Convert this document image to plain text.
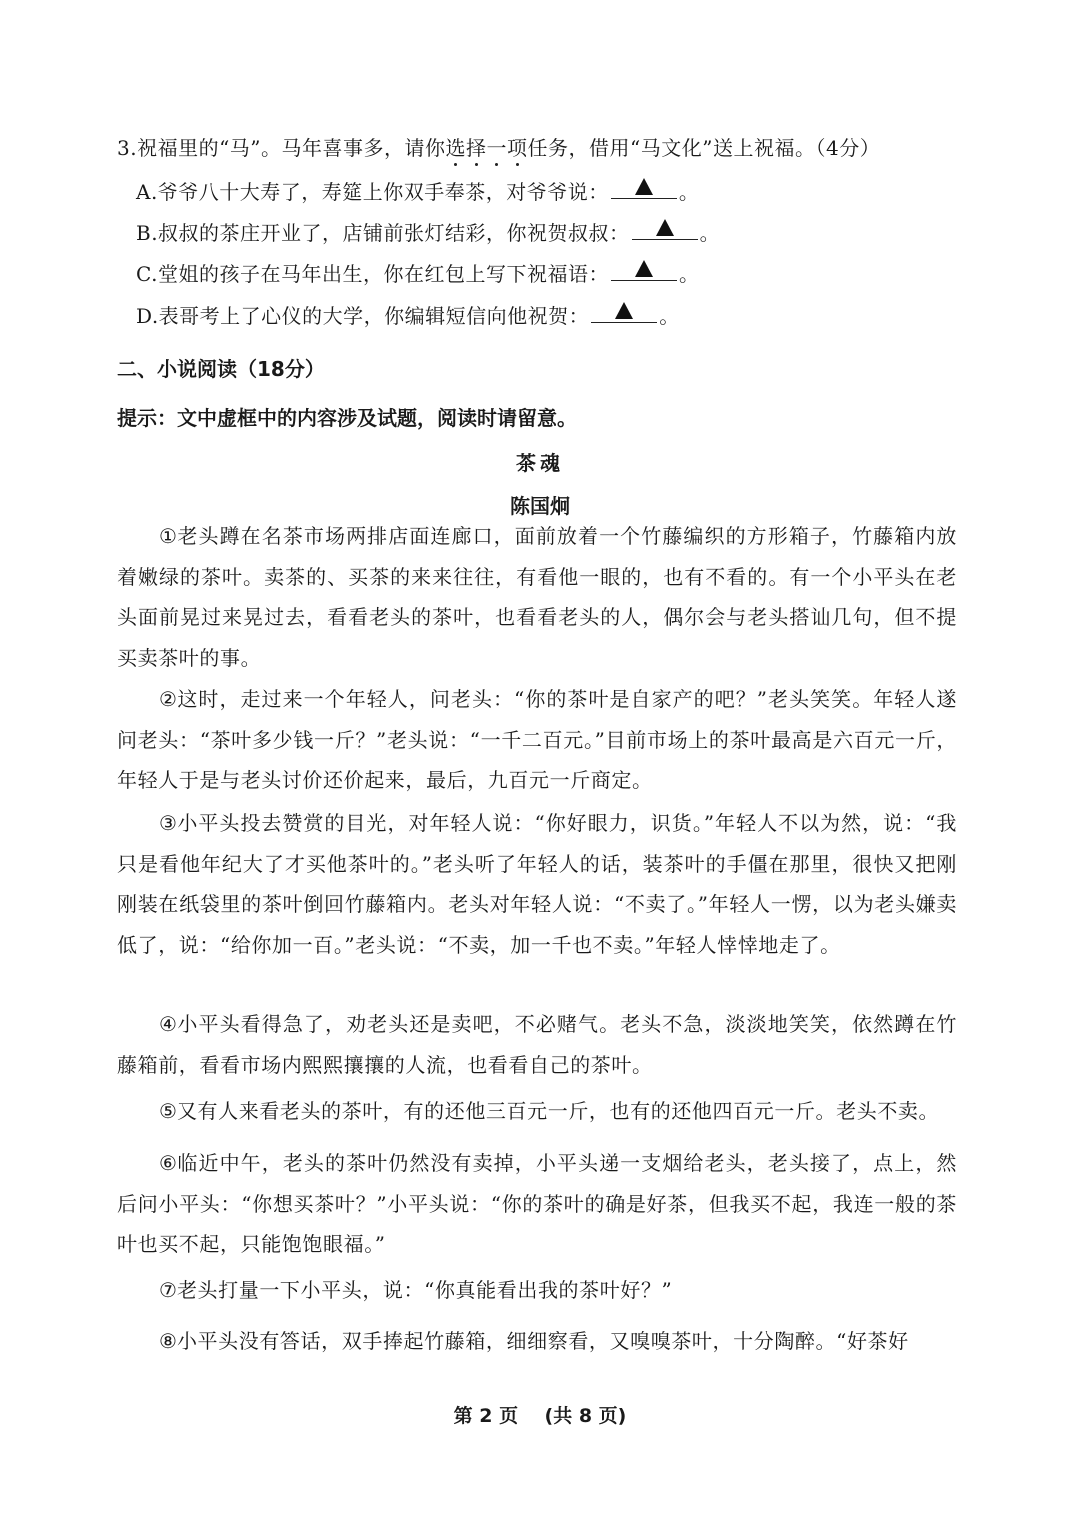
3.祝福里的“马”。马年喜事多，请你选择一项任务，借用“马文化”送上祝福。（4分）
A.爷爷八十大寿了，寿筵上你双手奉茶，对爷爷说：	。
B.叔叔的茶庄开业了，店铺前张灯结彩，你祝贺叔叔：	。
C.堂姐的孩子在马年出生，你在红包上写下祝福语：	。
D.表哥考上了心仪的大学，你编辑短信向他祝贺：	。
二、小说阅读（18分）
提示：文中虚框中的内容涉及试题，阅读时请留意。
茶魂
陈国炯
①老头蹲在名茶市场两排店面连廊口，面前放着一个竹藤编织的方形箱子，竹藤箱内放着嫩绿的茶叶。卖茶的、买茶的来来往往，有看他一眼的，也有不看的。有一个小平头在老头面前晃过来晃过去，看看老头的茶叶，也看看老头的人，偶尔会与老头搭讪几句，但不提买卖茶叶的事。
②这时，走过来一个年轻人，问老头：“你的茶叶是自家产的吧？”老头笑笑。年轻人遂问老头：“茶叶多少钱一斤？”老头说：“一千二百元。”目前市场上的茶叶最高是六百元一斤，年轻人于是与老头讨价还价起来，最后，九百元一斤商定。
③小平头投去赞赏的目光，对年轻人说：“你好眼力，识货。”年轻人不以为然，说：“我只是看他年纪大了才买他茶叶的。”老头听了年轻人的话，装茶叶的手僵在那里，很快又把刚刚装在纸袋里的茶叶倒回竹藤箱内。老头对年轻人说：“不卖了。”年轻人一愣，以为老头嫌卖低了，说：“给你加一百。”老头说：“不卖，加一千也不卖。”年轻人悻悻地走了。
④小平头看得急了，劝老头还是卖吧，不必赌气。老头不急，淡淡地笑笑，依然蹲在竹藤箱前，看看市场内熙熙攘攘的人流，也看看自己的茶叶。
⑤又有人来看老头的茶叶，有的还他三百元一斤，也有的还他四百元一斤。老头不卖。
⑥临近中午，老头的茶叶仍然没有卖掉，小平头递一支烟给老头，老头接了，点上，然后问小平头：“你想买茶叶？”小平头说：“你的茶叶的确是好茶，但我买不起，我连一般的茶叶也买不起，只能饱饱眼福。”
⑦老头打量一下小平头，说：“你真能看出我的茶叶好？”
⑧小平头没有答话，双手捧起竹藤箱，细细察看，又嗅嗅茶叶，十分陶醉。“好茶好
第 2 页    (共 8 页)
